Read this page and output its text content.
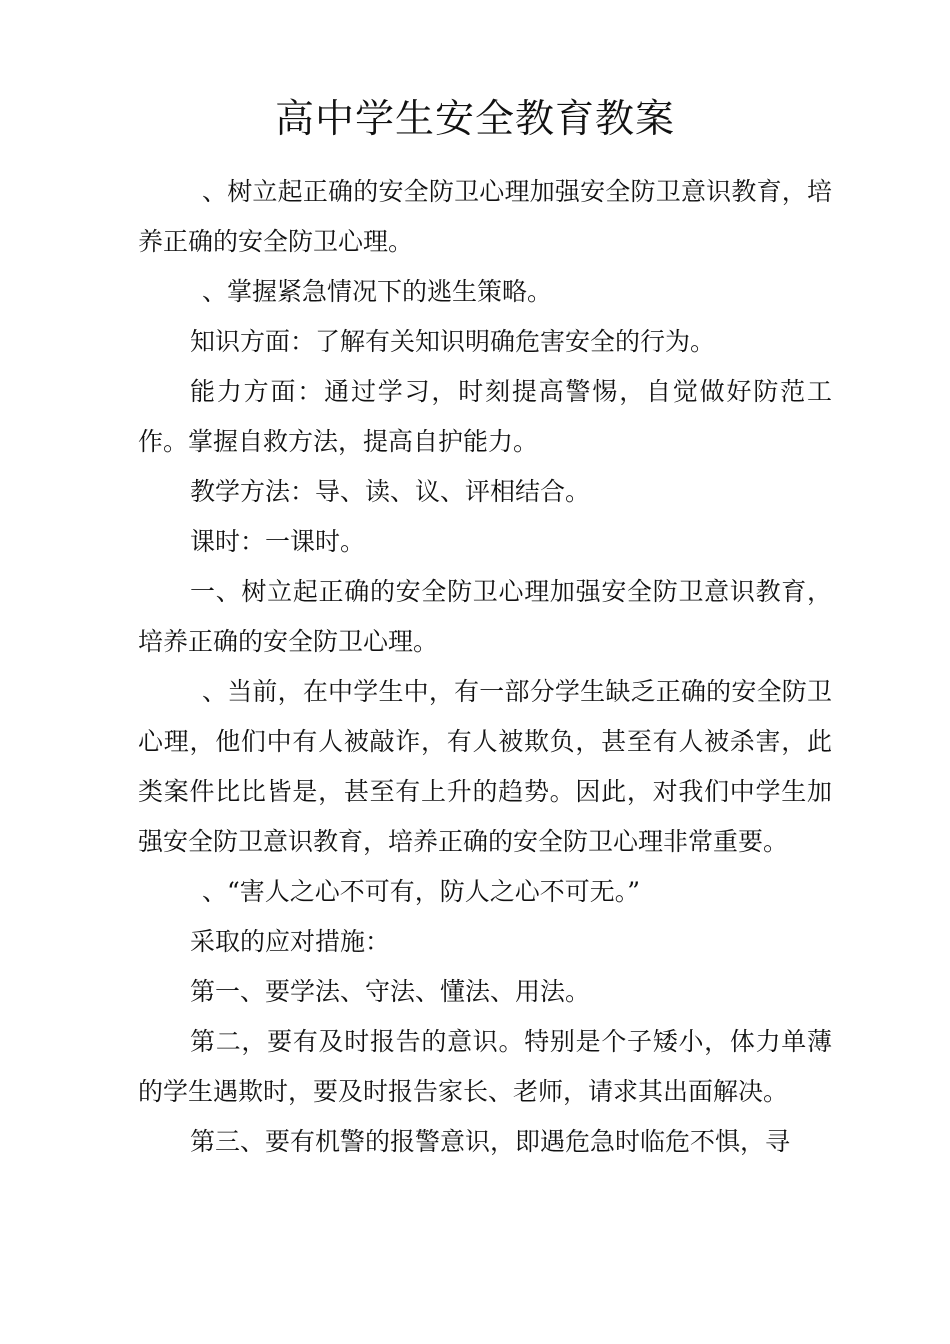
高中学生安全教育教案

、树立起正确的安全防卫心理加强安全防卫意识教育，培养正确的安全防卫心理。

、掌握紧急情况下的逃生策略。

知识方面：了解有关知识明确危害安全的行为。

能力方面：通过学习，时刻提高警惕，自觉做好防范工作。掌握自救方法，提高自护能力。

教学方法：导、读、议、评相结合。

课时：一课时。

一、树立起正确的安全防卫心理加强安全防卫意识教育，培养正确的安全防卫心理。

、当前，在中学生中，有一部分学生缺乏正确的安全防卫心理，他们中有人被敲诈，有人被欺负，甚至有人被杀害，此类案件比比皆是，甚至有上升的趋势。因此，对我们中学生加强安全防卫意识教育，培养正确的安全防卫心理非常重要。

、“害人之心不可有，防人之心不可无。”

采取的应对措施：

第一、要学法、守法、懂法、用法。

第二，要有及时报告的意识。特别是个子矮小，体力单薄的学生遇欺时，要及时报告家长、老师，请求其出面解决。

第三、要有机警的报警意识，即遇危急时临危不惧，寻
